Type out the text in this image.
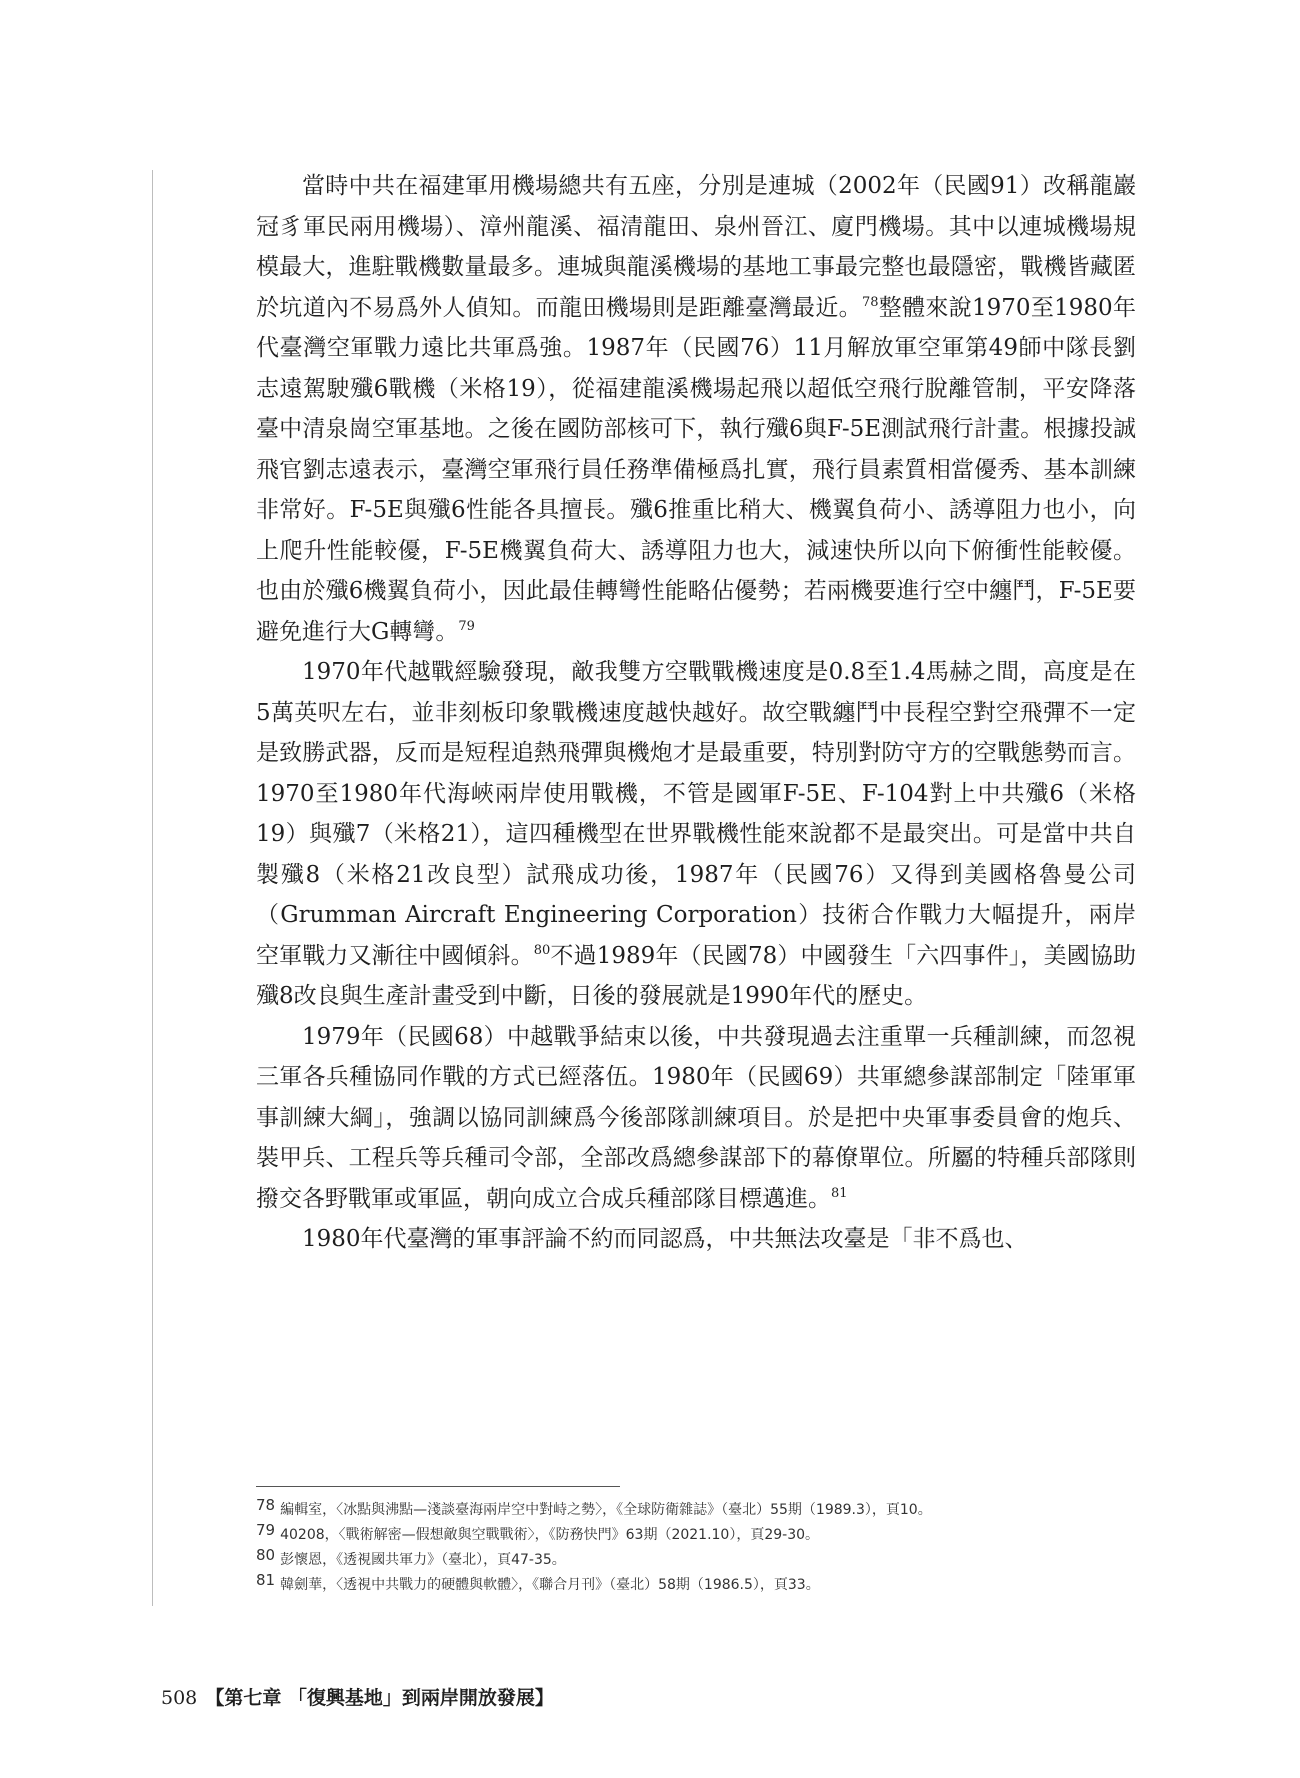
當時中共在福建軍用機場總共有五座，分別是連城（2002年（民國91）改稱龍巖冠豸軍民兩用機場）、漳州龍溪、福清龍田、泉州晉江、廈門機場。其中以連城機場規模最大，進駐戰機數量最多。連城與龍溪機場的基地工事最完整也最隱密，戰機皆藏匿於坑道內不易爲外人偵知。而龍田機場則是距離臺灣最近。$^{78}$整體來說1970至1980年代臺灣空軍戰力遠比共軍爲強。1987年（民國76）11月解放軍空軍第49師中隊長劉志遠駕駛殲6戰機（米格19），從福建龍溪機場起飛以超低空飛行脫離管制，平安降落臺中清泉崗空軍基地。之後在國防部核可下，執行殲6與F-5E測試飛行計畫。根據投誠飛官劉志遠表示，臺灣空軍飛行員任務準備極爲扎實，飛行員素質相當優秀、基本訓練非常好。F-5E與殲6性能各具擅長。殲6推重比稍大、機翼負荷小、誘導阻力也小，向上爬升性能較優，F-5E機翼負荷大、誘導阻力也大，減速快所以向下俯衝性能較優。也由於殲6機翼負荷小，因此最佳轉彎性能略佔優勢；若兩機要進行空中纏鬥，F-5E要避免進行大G轉彎。$^{79}$

1970年代越戰經驗發現，敵我雙方空戰戰機速度是0.8至1.4馬赫之間，高度是在5萬英呎左右，並非刻板印象戰機速度越快越好。故空戰纏鬥中長程空對空飛彈不一定是致勝武器，反而是短程追熱飛彈與機炮才是最重要，特別對防守方的空戰態勢而言。1970至1980年代海峽兩岸使用戰機，不管是國軍F-5E、F-104對上中共殲6（米格19）與殲7（米格21），這四種機型在世界戰機性能來說都不是最突出。可是當中共自製殲8（米格21改良型）試飛成功後，1987年（民國76）又得到美國格魯曼公司（Grumman Aircraft Engineering Corporation）技術合作戰力大幅提升，兩岸空軍戰力又漸往中國傾斜。$^{80}$不過1989年（民國78）中國發生「六四事件」，美國協助殲8改良與生產計畫受到中斷，日後的發展就是1990年代的歷史。

1979年（民國68）中越戰爭結束以後，中共發現過去注重單一兵種訓練，而忽視三軍各兵種協同作戰的方式已經落伍。1980年（民國69）共軍總參謀部制定「陸軍軍事訓練大綱」，強調以協同訓練爲今後部隊訓練項目。於是把中央軍事委員會的炮兵、裝甲兵、工程兵等兵種司令部，全部改爲總參謀部下的幕僚單位。所屬的特種兵部隊則撥交各野戰軍或軍區，朝向成立合成兵種部隊目標邁進。$^{81}$

1980年代臺灣的軍事評論不約而同認爲，中共無法攻臺是「非不爲也、

78 編輯室，〈冰點與沸點—淺談臺海兩岸空中對峙之勢〉，《全球防衛雜誌》（臺北）55期（1989.3），頁10。
79 40208，〈戰術解密—假想敵與空戰戰術〉，《防務快門》63期（2021.10），頁29-30。
80 彭懷恩，《透視國共軍力》（臺北），頁47-35。
81 韓劍華，〈透視中共戰力的硬體與軟體〉，《聯合月刊》（臺北）58期（1986.5），頁33。
508 【第七章 「復興基地」到兩岸開放發展】
